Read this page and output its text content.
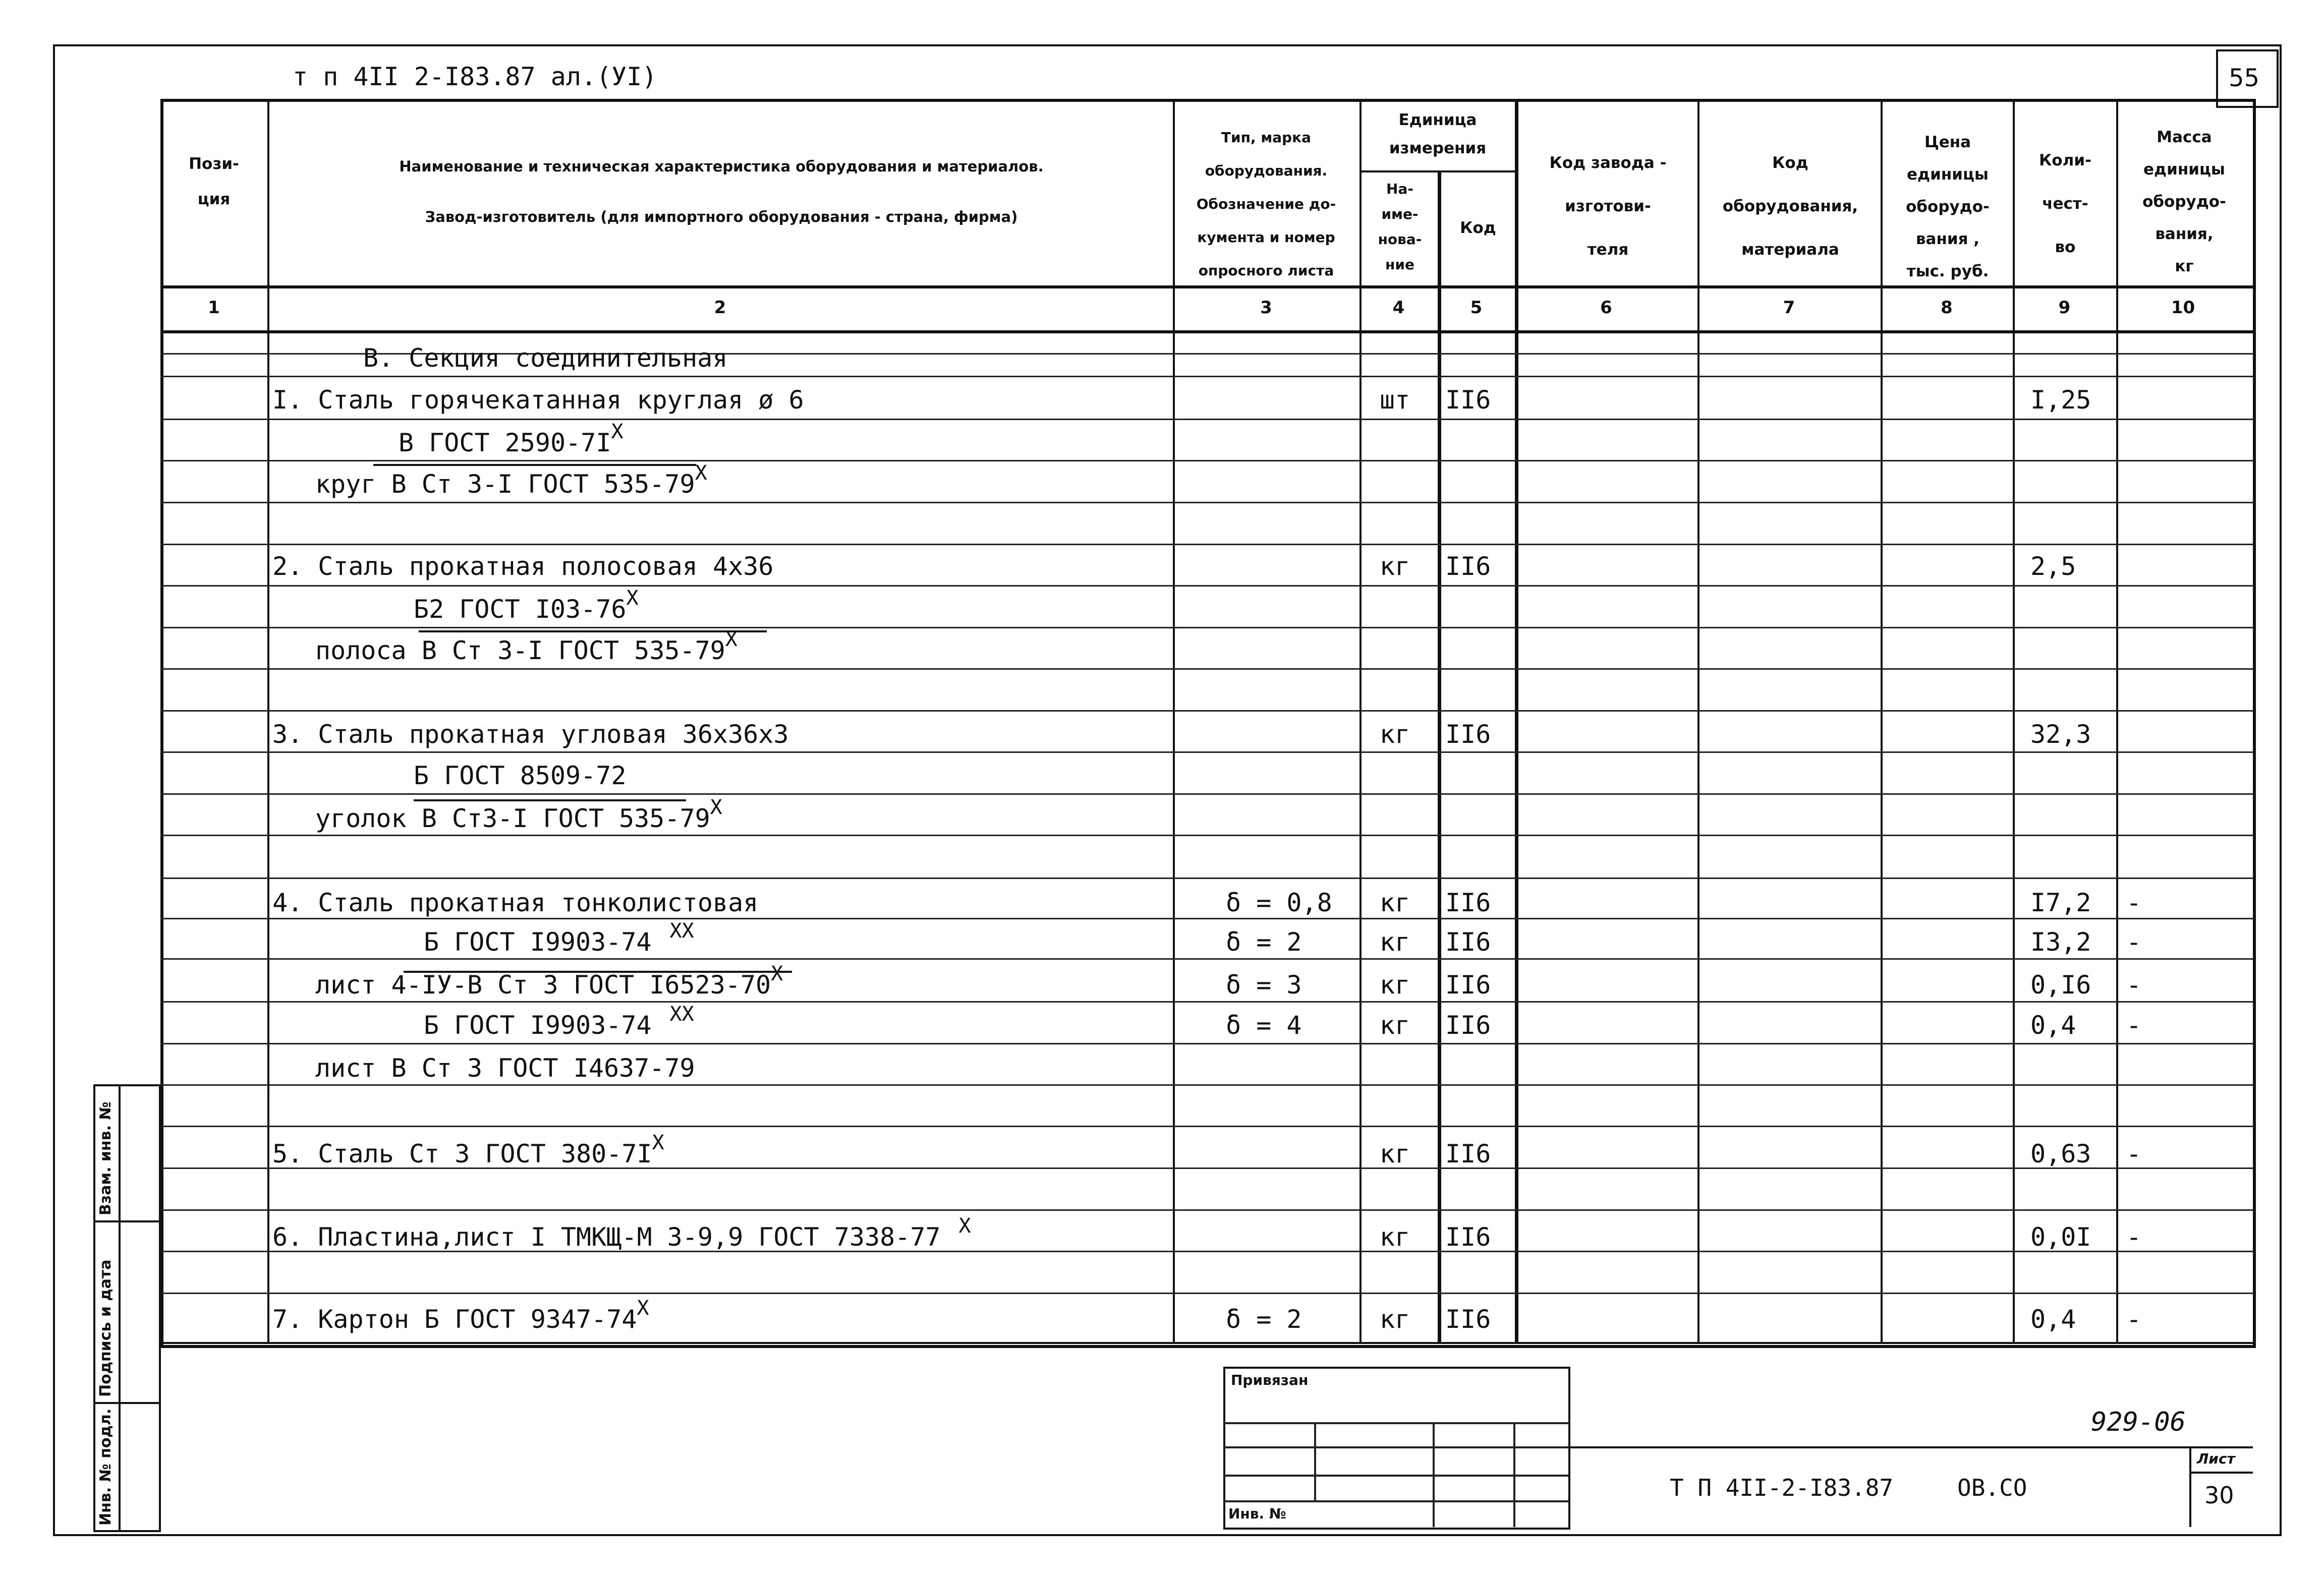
т п 4II 2-I83.87 ал.(УI)	55
Пози-
ция
Наименование и техническая характеристика оборудования и материалов.
Завод-изготовитель (для импортного оборудования - страна, фирма)
Тип, марка
оборудования.
Обозначение до-
кумента и номер
опросного листа
Единица
измерения
На-
име-
нова-
ние
Код
Код завода -
изготови-
теля
Код
оборудования,
материала
Цена
единицы
оборудо-
вания ,
тыс. руб.
Коли-
чест-
во
Масса
единицы
оборудо-
вания,
кг
1	2	3	4	5	6	7	8	9	10
В. Секция соединительная
I. Сталь горячекатанная круглая ø 6	шт II6	I,25
В ГОСТ $2590-7I^X$
круг В Ст 3-I ГОСТ $535-79^X$
2. Сталь прокатная полосовая 4х36	кг II6	2,5
Б2 ГОСТ $I03-76^X$
полоса В Ст 3-I ГОСТ $535-79^X$
3. Сталь прокатная угловая 36х36х3	кг II6	32,3
Б ГОСТ 8509-72
уголок В Ст3-I ГОСТ $535-79^X$
4. Сталь прокатная тонколистовая	δ = 0,8 кг II6	I7,2 -
Б ГОСТ I9903-74 $^{XX}$	δ = 2	кг II6	I3,2 -
лист 4-IУ-В Ст 3 ГОСТ $I6523-70^X$	δ = 3	кг II6	0,I6 -
Б ГОСТ I9903-74 $^{XX}$	δ = 4	кг II6	0,4 -
лист В Ст 3 ГОСТ I4637-79
5. Сталь Ст 3 ГОСТ $380-7I^X$	кг II6	0,63 -
6. Пластина,лист I ТМКЩ-М 3-9,9 ГОСТ 7338-77 $^X$	кг II6	0,0I -
7. Картон Б ГОСТ $9347-74^X$	δ = 2	кг II6	0,4 -
Привязан
Инв. №
929-06
Т П 4II-2-I83.87	ОВ.СО
Лист
30
Взам. инв. №
Подпись и дата
Инв. № подл.
